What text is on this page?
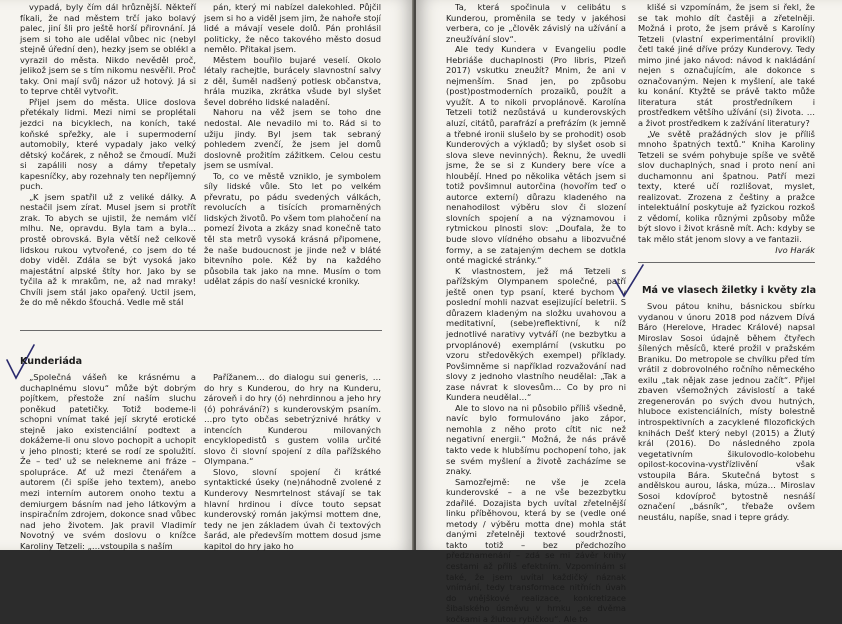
vypadá, byly čím dál hrůznější. Někteří fíkali, že nad městem trčí jako bolavý palec, jiní šli pro ještě horší přirovnání. Já jsem si toho ale udělal vůbec nic (nebyl stejně úřední den), hezky jsem se oblékl a vyrazil do města. Nikdo nevěděl proč, jelikož jsem se s tím nikomu nesvěřil. Proč taky. Oni mají svůj názor už hotový. Já si to teprve chtěl vytvořit.

Přijel jsem do města. Ulice doslova přetékaly lidmi. Mezi nimi se proplétali jezdci na bicyklech, na koních, také koňské spřežky, ale i supermoderní automobily, které vypadaly jako velký dětský kočárek, z něhož se čmoudí. Muži si zapálili nosy a dámy třepetaly kapesníčky, aby rozehnaly ten nepříjemný puch.

„K jsem spatřil už z veliké dálky. A nestačil jsem zírat. Musel jsem si protřít zrak. To abych se ujistil, že nemám vlčí mlhu. Ne, opravdu. Byla tam a byla… prostě obrovská. Byla větší než celkově lidskou rukou vytvořené, co jsem do té doby viděl. Zdála se být vysoká jako majestátní alpské štíty hor. Jako by se tyčila až k mrakům, ne, až nad mraky! Chvíli jsem stál jako opařený. Uctil jsem, že do mě někdo šťouchá. Vedle mě stál

pán, který mi nabízel dalekohled. Půjčil jsem si ho a viděl jsem jim, že nahoře stojí lidé a mávají vesele dolů. Pán prohlásil politicky, že něco takového město dosud nemělo. Přitakal jsem.

Městem bouřilo bujaré veselí. Okolo létaly rachejtle, burácely slavnostní salvy z děl, šuměl nadšený potlesk občanstva, hrála muzika, zkrátka všude byl slyšet ševel dobrého lidské naladění.

Nahoru na věž jsem se toho dne nedostal. Ale nevadilo mi to. Rád si to užiju jindy. Byl jsem tak sebraný pohledem zvenčí, že jsem jel domů doslovně prožitím zážitkem. Celou cestu jsem se usmíval.

To, co ve městě vzniklo, je symbolem síly lidské vůle. Sto let po velkém převratu, po pádu svedených válkách, revolucích a tisících promarněných lidských životů. Po všem tom plahočení na pomezí života a zkázy snad konečně tato těl sta metrů vysoká krásná připomene, že naše budoucnost je jinde než v bláté bitevního pole. Kéž by na každého působila tak jako na mne. Musím o tom udělat zápis do naší vesnické kroniky.

Kunderiáda

„Společná vášeň ke krásnému a duchaplnému slovu“ může být dobrým pojítkem, přestože zní naším sluchu poněkud patetičky. Totiž bodeme-li schopni vnímat také její skryté erotické stejně jako existenciální podtext a dokážeme-li onu slovo pochopit a uchopit v jeho plnosti; které se rodí ze spolužití. Že – ted' už se nelekneme ani fráze – spolupráce. Ať už mezi čtenářem a autorem (či spíše jeho textem), anebo mezi interním autorem onoho textu a demiurgem básním nad jeho látkovým a inspiračním zdrojem, dokonce snad vůbec nad jeho životem. Jak pravil Vladimír Novotný ve svém doslovu o knížce Karoliny Tetzeli: „…vstoupila s naším

Pařížanem… do dialogu sui generis, …do hry s Kunderou, do hry na Kunderu, zároveň i do hry (ó) nehrdinnou a jeho hry (ó) pohrávání?) s kunderovským psaním. …pro tyto občas sebetrýznivé hrátky v intencích Kunderou milovaných encyklopedistů s gustem volila určité slovo či slovní spojení z díla pařížského Olympana.“

Slovo, slovní spojení či krátké syntaktické úseky (ne)náhodně zvolené z Kunderovy Nesmrtelnost stávají se tak hlavní hrdinou i dívce touto sepsat kunderovský román jakýmsi mottem dne, tedy ne jen základem úvah či textových šarád, ale především mottem dosud jsme kapitol do hry jako ho

Ta, která spočinula v celibátu s Kunderou, proměnila se tedy v jakéhosi verbera, co je „člověk závislý na užívání a zneužívání slov“.

Ale tedy Kundera v Evangeliu podle Hebriáše duchaplnosti (Pro libris, Plzeň 2017) vskutku zneužít? Mnim, že ani v nejmenším. Snad jen, po způsobu (post)postmoderních prozaiků, použít a využít. A to nikoli prvoplánově. Karolína Tetzeli totiž nezůstává u kunderovských aluzí, citátů, parafrází a prefrázím (k jemně a třebné ironii slušelo by se prohodit) osob Kunderových a výkladů; by slyšet osob si slova sleve nevinných). Řeknu, že uvedli jsme, že se si z Kundery bere více a hloubějí. Hned po několika větách jsem si totiž povšimnul autorčina (hovořím teď o autorce externí) důrazu kladeného na nenahodilost výběru slov či slození slovních spojení a na významovou i rytmickou plnosti slov: „Doufala, že to bude slovo vlídného obsahu a libozvučné formy, a se zatajeným dechem se dotkla onté magické stránky.“

K vlastnostem, jež má Tetzeli s pařížským Olympanem společné, patří ještě onen typ psaní, které bychom v poslední mohli nazvat esejizující beletrii. S důrazem kladeným na složku uvahovou a meditativní, (sebe)reflektivní, k níž jednotlivé narativy vytváří (ne bezbytku a prvoplánové) exemplární (vskutku po vzoru středověkých exempel) příklady. Povšimněme si například rozvažování nad slovy z jednoho vlastního neudělal: „Tak a zase návrat k slovesům… Co by pro ni Kundera neudělal…“

Ale to slovo na ni působilo příliš všedně, navíc bylo formulováno jako zápor, nemohla z něho proto cítit nic než negativní energii.“ Možná, že nás právě takto vede k hlubšímu pochopení toho, jak se svém myšlení a životě zacházíme se znaky.

Samozřejmě: ne vše je zcela kunderovské – a ne vše bezezbytku zdařilé. Dozajista bych uvítal zřetelnější linku příběhovou, která by se (vedle oné metody / výběru motta dne) mohla stát danými zřetelněji textové soudržnosti, takto totiž – bez předchozího předznamenání – zdá se mi závěr knihy cestami až příliš efektním. Vzpomínám si také, že jsem uvítal každičký náznak vnímání, tedy transformace nitřních úvah do vnějškové realizace, konkretizace šibalského úsměvu v hrnku „se dvěma kočkami a žlutou rybičkou“. Ale to

klišé si vzpomínám, že jsem si řekl, že se tak mohlo dít častěji a zřetelněji. Možná i proto, že jsem právě s Karolíny Tetzeli (vlastní experimentální proviklí) četl také jiné dříve prózy Kunderovy. Tedy mimo jiné jako návod: návod k nakládání nejen s označujícím, ale dokonce s označovaným. Nejen k myšlení, ale také ku konání. Ktyžtě se právě takto může literatura stát prostředníkem i prostředkem většího užívání (si) života. …a život prostředkem k zažívání literatury?

„Ve světě pražádných slov je příliš mnoho špatných textů.“ Kniha Karoliny Tetzeli se svém pohybuje spíše ve světě slov duchaplných, snad i proto není ani duchamonnu ani špatnou. Patří mezi texty, které učí rozlišovat, myslet, realizovat. Zrozena z češtiny a pražce intelektuální poskytuje až fyzickou rozkoš z vědomí, kolika různými způsoby může být slovo i život krásně mít. Ach: kdyby se tak mělo stát jenom slovy a ve fantazii.

Ivo Harák
Má ve vlasech žiletky i květy zla

Svou pátou knihu, básnickou sbírku vydanou v únoru 2018 pod názvem Dívá Báro (Herelove, Hradec Králové) napsal Miroslav Sosoi údajně během čtyřech šílených měsíců, které prožil v pražském Braniku. Do metropole se chvílku před tím vrátil z dobrovolného ročního německého exilu „tak nějak zase jednou začít“. Přijel zbaven všemožných závislostí a také zregenerován po svých dvou hutných, hluboce existenciálních, místy bolestně introspektivních a zacyklené filozofických knihách Dešť který nebyl (2015) a Žlutý král (2016). Do následného zpola vegetativním šikulovodlo-kolobehu opilost-kocovina-vystřízlivění však vstoupila Bára. Skutečná bytost s andělskou aurou, láska, múza… Miroslav Sosoi kdovíproč bytostně nesnáší označení „básník“, třebaže ovšem neustálu, napíše, snad i tepre grády.
